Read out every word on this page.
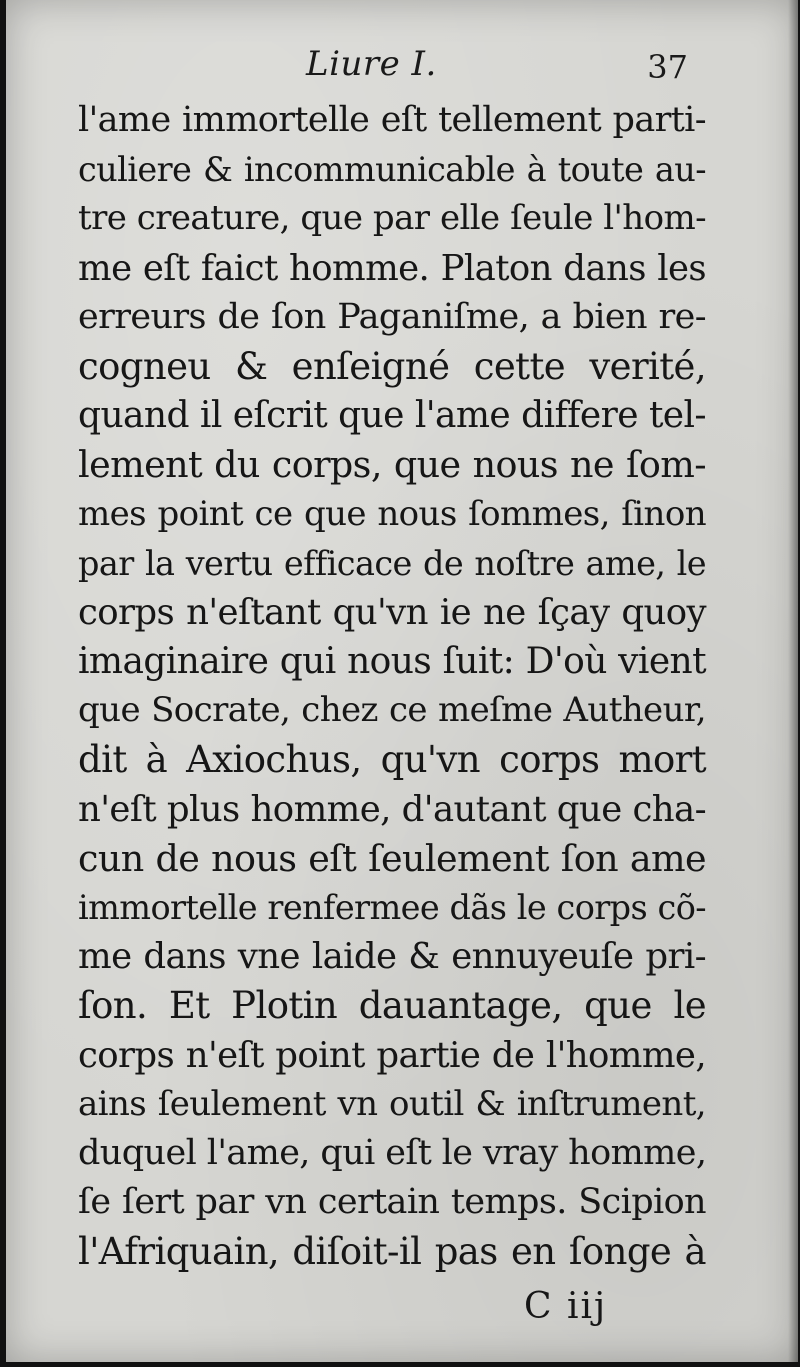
Liure I.	37
l'ame immortelle eſt tellement parti-
culiere & incommunicable à toute au-
tre creature, que par elle ſeule l'hom-
me eſt faict homme. Platon dans les
erreurs de ſon Paganiſme, a bien re-
cogneu & enſeigné cette verité,
quand il eſcrit que l'ame differe tel-
lement du corps, que nous ne ſom-
mes point ce que nous ſommes, ſinon
par la vertu efficace de noſtre ame, le
corps n'eſtant qu'vn ie ne ſçay quoy
imaginaire qui nous ſuit: D'où vient
que Socrate, chez ce meſme Autheur,
dit à Axiochus, qu'vn corps mort
n'eſt plus homme, d'autant que cha-
cun de nous eſt ſeulement ſon ame
immortelle renfermee dãs le corps cõ-
me dans vne laide & ennuyeuſe pri-
ſon. Et Plotin dauantage, que le
corps n'eſt point partie de l'homme,
ains ſeulement vn outil & inſtrument,
duquel l'ame, qui eſt le vray homme,
ſe ſert par vn certain temps. Scipion
l'Afriquain, diſoit-il pas en ſonge à
C iij
